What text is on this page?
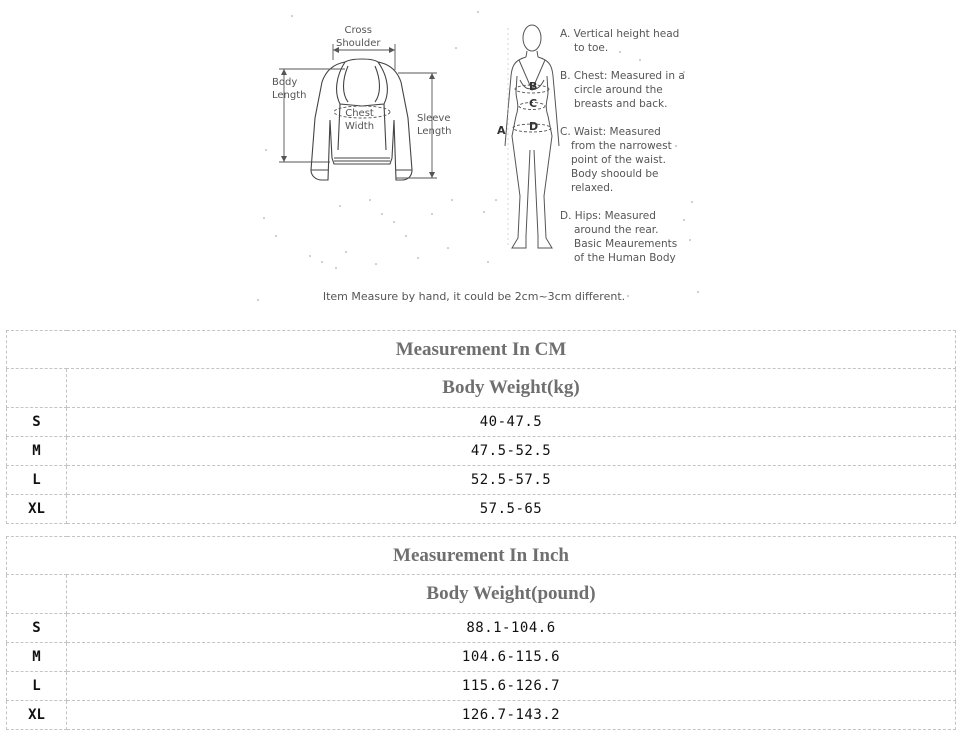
Cross
Shoulder
Body
Length
Chest
Width
Sleeve
Length	A
B
C
D
A. Vertical height head
to toe.
B. Chest: Measured in a
circle around the
breasts and back.
C. Waist: Measured
from the narrowest
point of the waist.
Body shoould be
relaxed.
D. Hips: Measured
around the rear.
Basic Meaurements
of the Human Body
Item Measure by hand, it could be 2cm~3cm different.
Measurement In CM	
	Body Weight(kg)
S	40-47.5
M	47.5-52.5
L	52.5-57.5
XL	57.5-65
Measurement In Inch	
	Body Weight(pound)
S	88.1-104.6
M	104.6-115.6
L	115.6-126.7
XL	126.7-143.2
